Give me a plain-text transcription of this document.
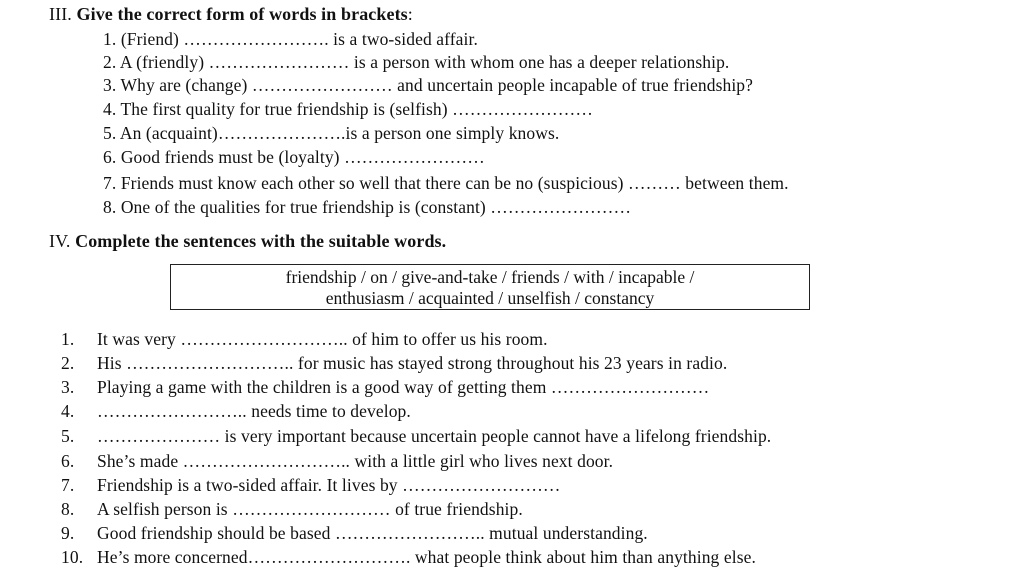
III. Give the correct form of words in brackets:
1. (Friend) ……………………. is a two-sided affair.
2. A (friendly) …………………… is a person with whom one has a deeper relationship.
3. Why are (change) …………………… and uncertain people incapable of true friendship?
4. The first quality for true friendship is (selfish) ……………………
5. An (acquaint)………………….is a person one simply knows.
6. Good friends must be (loyalty) ……………………
7. Friends must know each other so well that there can be no (suspicious) ……… between them.
8. One of the qualities for true friendship is (constant) ……………………
IV. Complete the sentences with the suitable words.
friendship / on / give-and-take / friends / with / incapable /
enthusiasm / acquainted / unselfish / constancy
1. It was very ……………………….. of him to offer us his room.
2. His ……………………….. for music has stayed strong throughout his 23 years in radio.
3. Playing a game with the children is a good way of getting them ………………………
4. …………………….. needs time to develop.
5. ………………… is very important because uncertain people cannot have a lifelong friendship.
6. She’s made ……………………….. with a little girl who lives next door.
7. Friendship is a two-sided affair. It lives by ………………………
8. A selfish person is ……………………… of true friendship.
9. Good friendship should be based …………………….. mutual understanding.
10. He’s more concerned………………………. what people think about him than anything else.
